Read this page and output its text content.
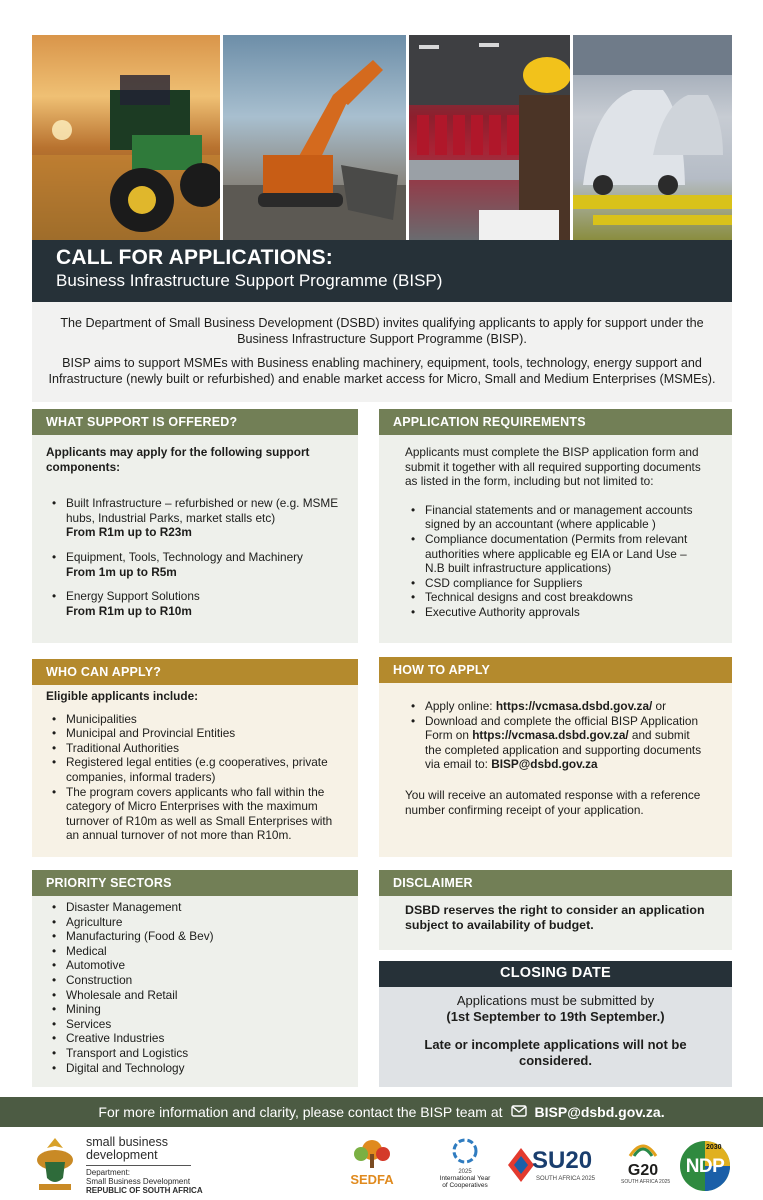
CALL FOR APPLICATIONS:
Business Infrastructure Support Programme (BISP)

The Department of Small Business Development (DSBD) invites qualifying applicants to apply for support under the Business Infrastructure Support Programme (BISP).

BISP aims to support MSMEs with Business enabling machinery, equipment, tools, technology, energy support and Infrastructure (newly built or refurbished) and enable market access for Micro, Small and Medium Enterprises (MSMEs).

WHAT SUPPORT IS OFFERED?

Applicants may apply for the following support components:

• Built Infrastructure – refurbished or new (e.g. MSME hubs, Industrial Parks, market stalls etc)
From R1m up to R23m
• Equipment, Tools, Technology and Machinery
From 1m up to R5m
• Energy Support Solutions
From R1m up to R10m
APPLICATION REQUIREMENTS

Applicants must complete the BISP application form and submit it together with all required supporting documents as listed in the form, including but not limited to:

• Financial statements and or management accounts signed by an accountant (where applicable )
• Compliance documentation (Permits from relevant authorities where applicable eg EIA or Land Use – N.B built infrastructure applications)
• CSD compliance for Suppliers
• Technical designs and cost breakdowns
• Executive Authority approvals
WHO CAN APPLY?

Eligible applicants include:

• Municipalities
• Municipal and Provincial Entities
• Traditional Authorities
• Registered legal entities (e.g cooperatives, private companies, informal traders)
• The program covers applicants who fall within the category of Micro Enterprises with the maximum turnover of R10m as well as Small Enterprises with an annual turnover of not more than R10m.
HOW TO APPLY
• Apply online: https://vcmasa.dsbd.gov.za/ or
• Download and complete the official BISP Application Form on https://vcmasa.dsbd.gov.za/ and submit the completed application and supporting documents via email to: BISP@dsbd.gov.za

You will receive an automated response with a reference number confirming receipt of your application.

PRIORITY SECTORS
• Disaster Management
• Agriculture
• Manufacturing (Food & Bev)
• Medical
• Automotive
• Construction
• Wholesale and Retail
• Mining
• Services
• Creative Industries
• Transport and Logistics
• Digital and Technology
DISCLAIMER
DSBD reserves the right to consider an application subject to availability of budget.
CLOSING DATE

Applications must be submitted by

(1st September to 19th September.)

Late or incomplete applications will not be considered.

For more information and clarity, please contact the BISP team at BISP@dsbd.gov.za.
small business
development
Department:
Small Business Development
REPUBLIC OF SOUTH AFRICA
SEDFA	2025
International Year
of Cooperatives
SU20
SOUTH AFRICA 2025	G20
SOUTH AFRICA 2025
2030
NDP
